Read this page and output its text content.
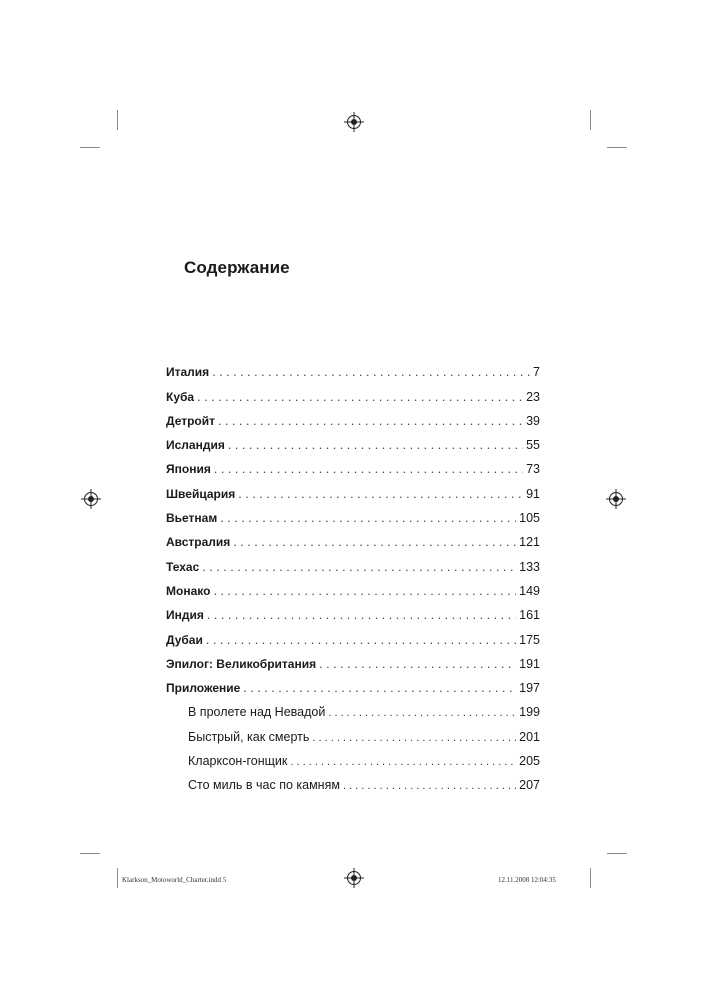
Содержание
Италия . . .	7
Куба . . .	23
Детройт . . .	39
Исландия . . .	55
Япония . . .	73
Швейцария . . .	91
Вьетнам . . .	105
Австралия . . .	121
Техас . . .	133
Монако . . .	149
Индия . . .	161
Дубаи . . .	175
Эпилог: Великобритания . . .	191
Приложение . . .	197
В пролете над Невадой . . .	199
Быстрый, как смерть . . .	201
Кларксон-гонщик . . .	205
Сто миль в час по камням . . .	207
Klarkson_Motoworld_Charter.indd 5	12.11.2008 12:04:35
